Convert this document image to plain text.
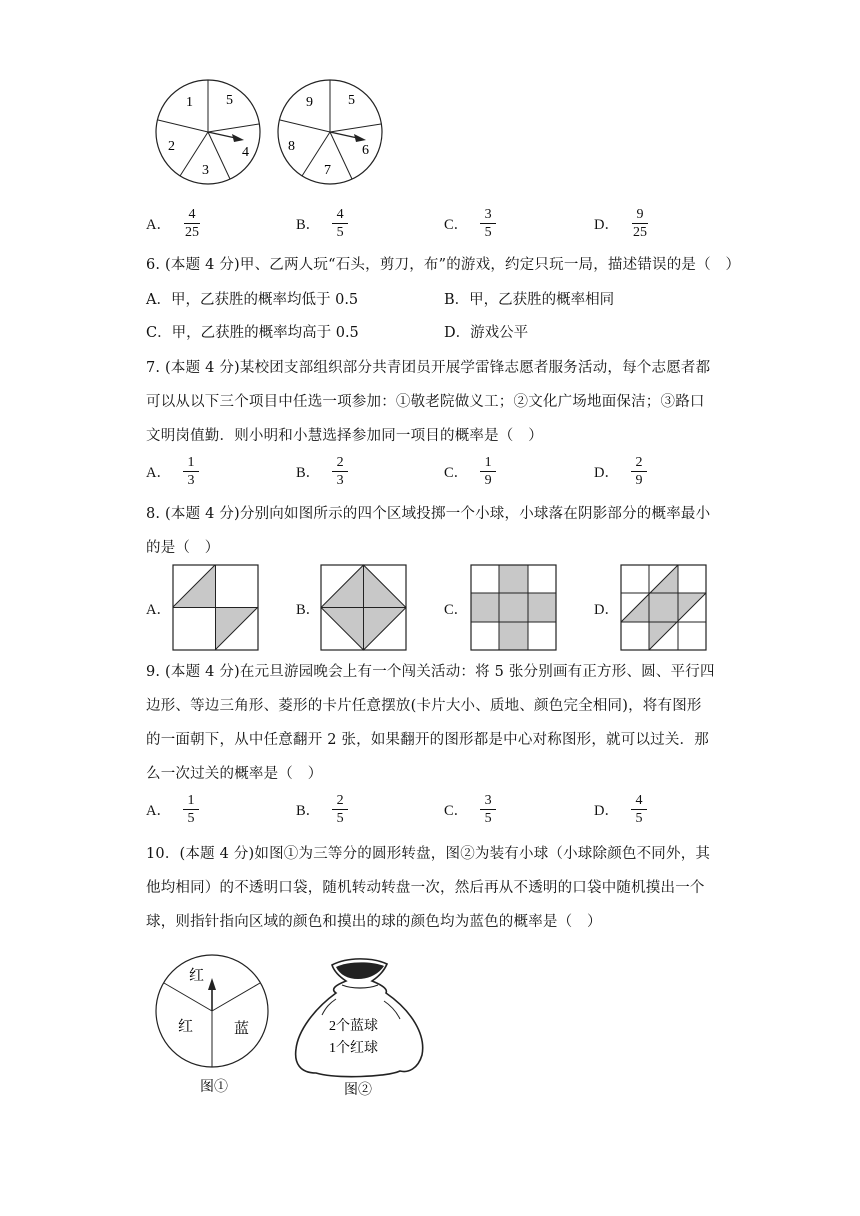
1 5
2	4
3
9	5
8	6
7
A． $\frac{4}{25}$	B． $\frac{4}{5}$	C． $\frac{3}{5}$	D． $\frac{9}{25}$
6. (本题 4 分)甲、乙两人玩“石头，剪刀，布”的游戏，约定只玩一局，描述错误的是（　）
A．甲，乙获胜的概率均低于 0.5	B．甲，乙获胜的概率相同
C．甲，乙获胜的概率均高于 0.5	D．游戏公平
7. (本题 4 分)某校团支部组织部分共青团员开展学雷锋志愿者服务活动，每个志愿者都
可以从以下三个项目中任选一项参加：①敬老院做义工；②文化广场地面保洁；③路口
文明岗值勤．则小明和小慧选择参加同一项目的概率是（　）
A． $\frac{1}{3}$	B． $\frac{2}{3}$	C． $\frac{1}{9}$	D． $\frac{2}{9}$
8. (本题 4 分)分别向如图所示的四个区域投掷一个小球，小球落在阴影部分的概率最小
的是（　）
A．	B．	C．	D．
9. (本题 4 分)在元旦游园晚会上有一个闯关活动：将 5 张分别画有正方形、圆、平行四
边形、等边三角形、菱形的卡片任意摆放(卡片大小、质地、颜色完全相同)，将有图形
的一面朝下，从中任意翻开 2 张，如果翻开的图形都是中心对称图形，就可以过关．那
么一次过关的概率是（　）
A． $\frac{1}{5}$	B． $\frac{2}{5}$	C． $\frac{3}{5}$	D． $\frac{4}{5}$
10．(本题 4 分)如图①为三等分的圆形转盘，图②为装有小球（小球除颜色不同外，其
他均相同）的不透明口袋，随机转动转盘一次，然后再从不透明的口袋中随机摸出一个
球，则指针指向区域的颜色和摸出的球的颜色均为蓝色的概率是（　）
红
红	蓝
图①
2个蓝球
1个红球
图②
